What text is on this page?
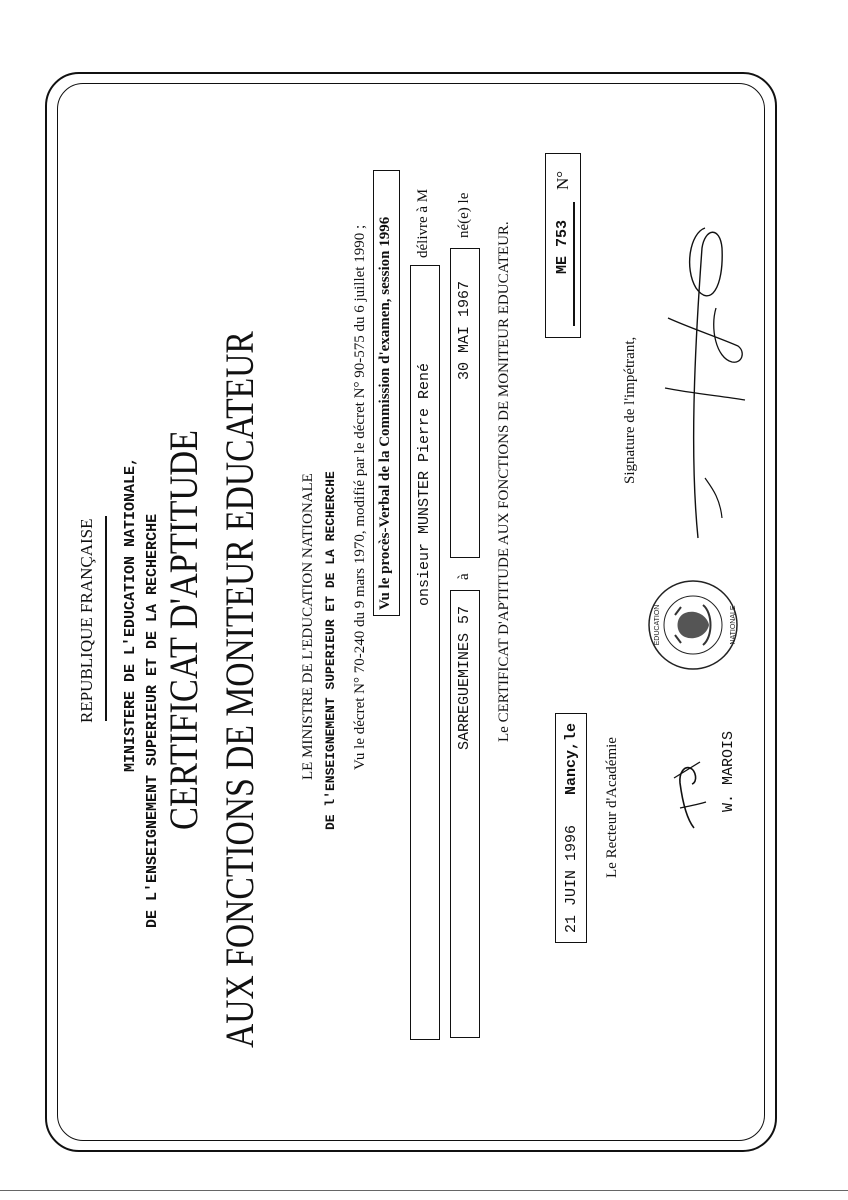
REPUBLIQUE FRANÇAISE MINISTERE DE L'EDUCATION NATIONALE, DE L'ENSEIGNEMENT SUPERIEUR ET DE LA RECHERCHE CERTIFICAT D'APTITUDE AUX FONCTIONS DE MONITEUR EDUCATEUR	LE MINISTRE DE L'EDUCATION NATIONALE DE l'ENSEIGNEMENT SUPERIEUR ET DE LA RECHERCHE Vu le décret N° 70-240 du 9 mars 1970, modifié par le décret N° 90-575 du 6 juillet 1990 ; Vu le procès-Verbal de la Commission d'examen, session 1996 délivre à M
onsieur MUNSTER Pierre René
né(e) le
30 MAI 1967
à
SARREGUEMINES 57 Le CERTIFICAT D'APTITUDE AUX FONCTIONS DE MONITEUR EDUCATEUR.
N°
ME 753
Nancy,le
21 JUIN 1996
Le Recteur d'Académie
Signature de l'impétrant,
W. MAROIS
EDUCATION	NATIONALE
